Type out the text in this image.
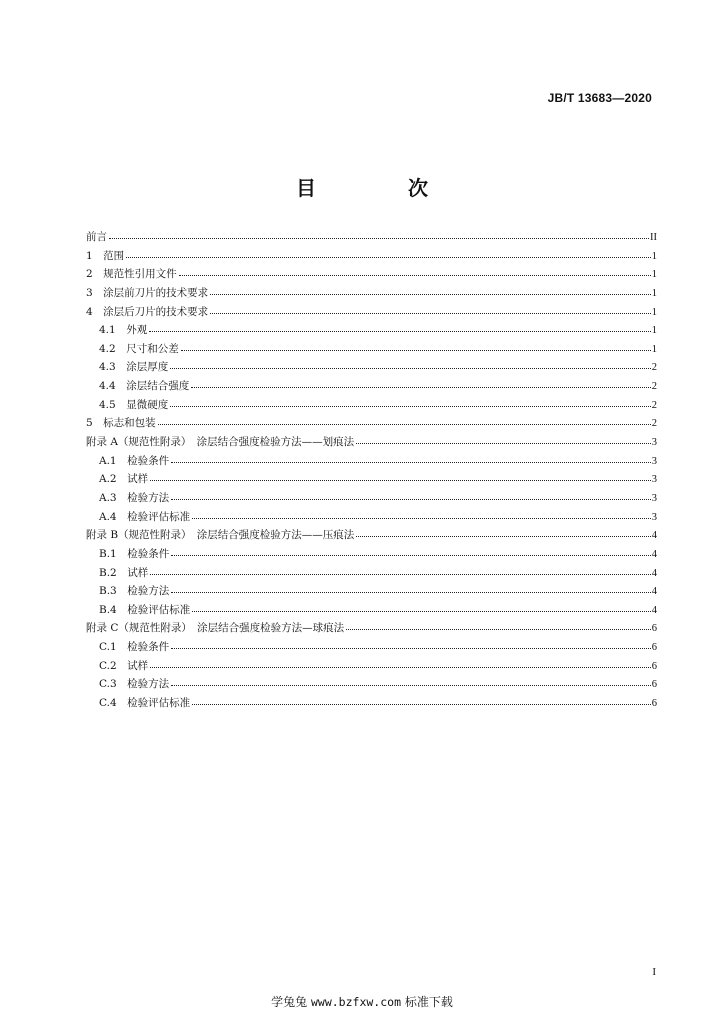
JB/T 13683—2020
目　次
前言	II
1　范围	1
2　规范性引用文件	1
3　涂层前刀片的技术要求	1
4　涂层后刀片的技术要求	1
4.1　外观	1
4.2　尺寸和公差	1
4.3　涂层厚度	2
4.4　涂层结合强度	2
4.5　显微硬度	2
5　标志和包装	2
附录 A（规范性附录）　涂层结合强度检验方法——划痕法	3
A.1　检验条件	3
A.2　试样	3
A.3　检验方法	3
A.4　检验评估标准	3
附录 B（规范性附录）　涂层结合强度检验方法——压痕法	4
B.1　检验条件	4
B.2　试样	4
B.3　检验方法	4
B.4　检验评估标准	4
附录 C（规范性附录）　涂层结合强度检验方法—球痕法	6
C.1　检验条件	6
C.2　试样	6
C.3　检验方法	6
C.4　检验评估标准	6
I
学兔兔 www.bzfxw.com 标准下载
